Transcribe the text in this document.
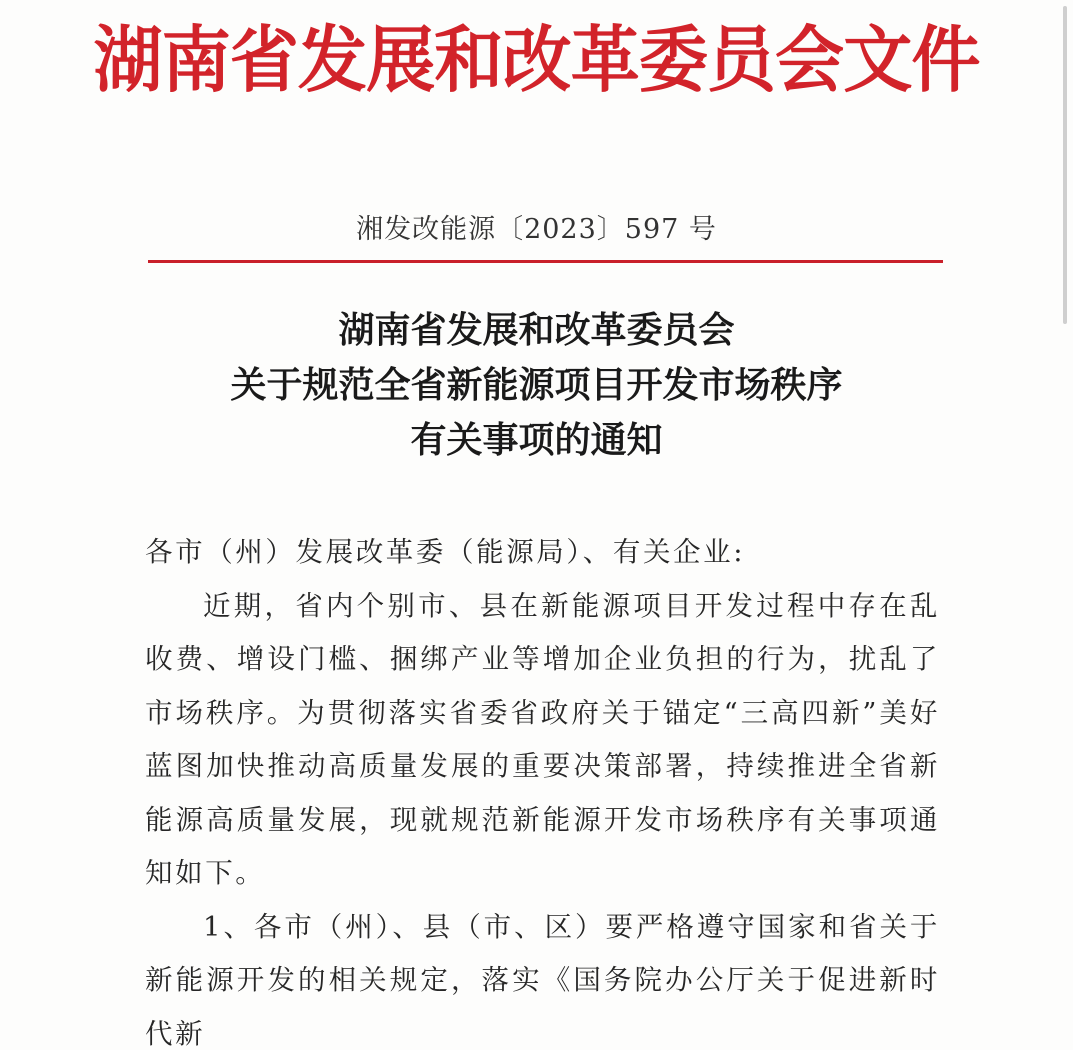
湖南省发展和改革委员会文件
湘发改能源〔2023〕597 号
湖南省发展和改革委员会
关于规范全省新能源项目开发市场秩序
有关事项的通知

各市（州）发展改革委（能源局）、有关企业:

近期，省内个别市、县在新能源项目开发过程中存在乱收费、增设门槛、捆绑产业等增加企业负担的行为，扰乱了市场秩序。为贯彻落实省委省政府关于锚定“三高四新”美好蓝图加快推动高质量发展的重要决策部署，持续推进全省新能源高质量发展，现就规范新能源开发市场秩序有关事项通知如下。

1、各市（州）、县（市、区）要严格遵守国家和省关于新能源开发的相关规定，落实《国务院办公厅关于促进新时代新
